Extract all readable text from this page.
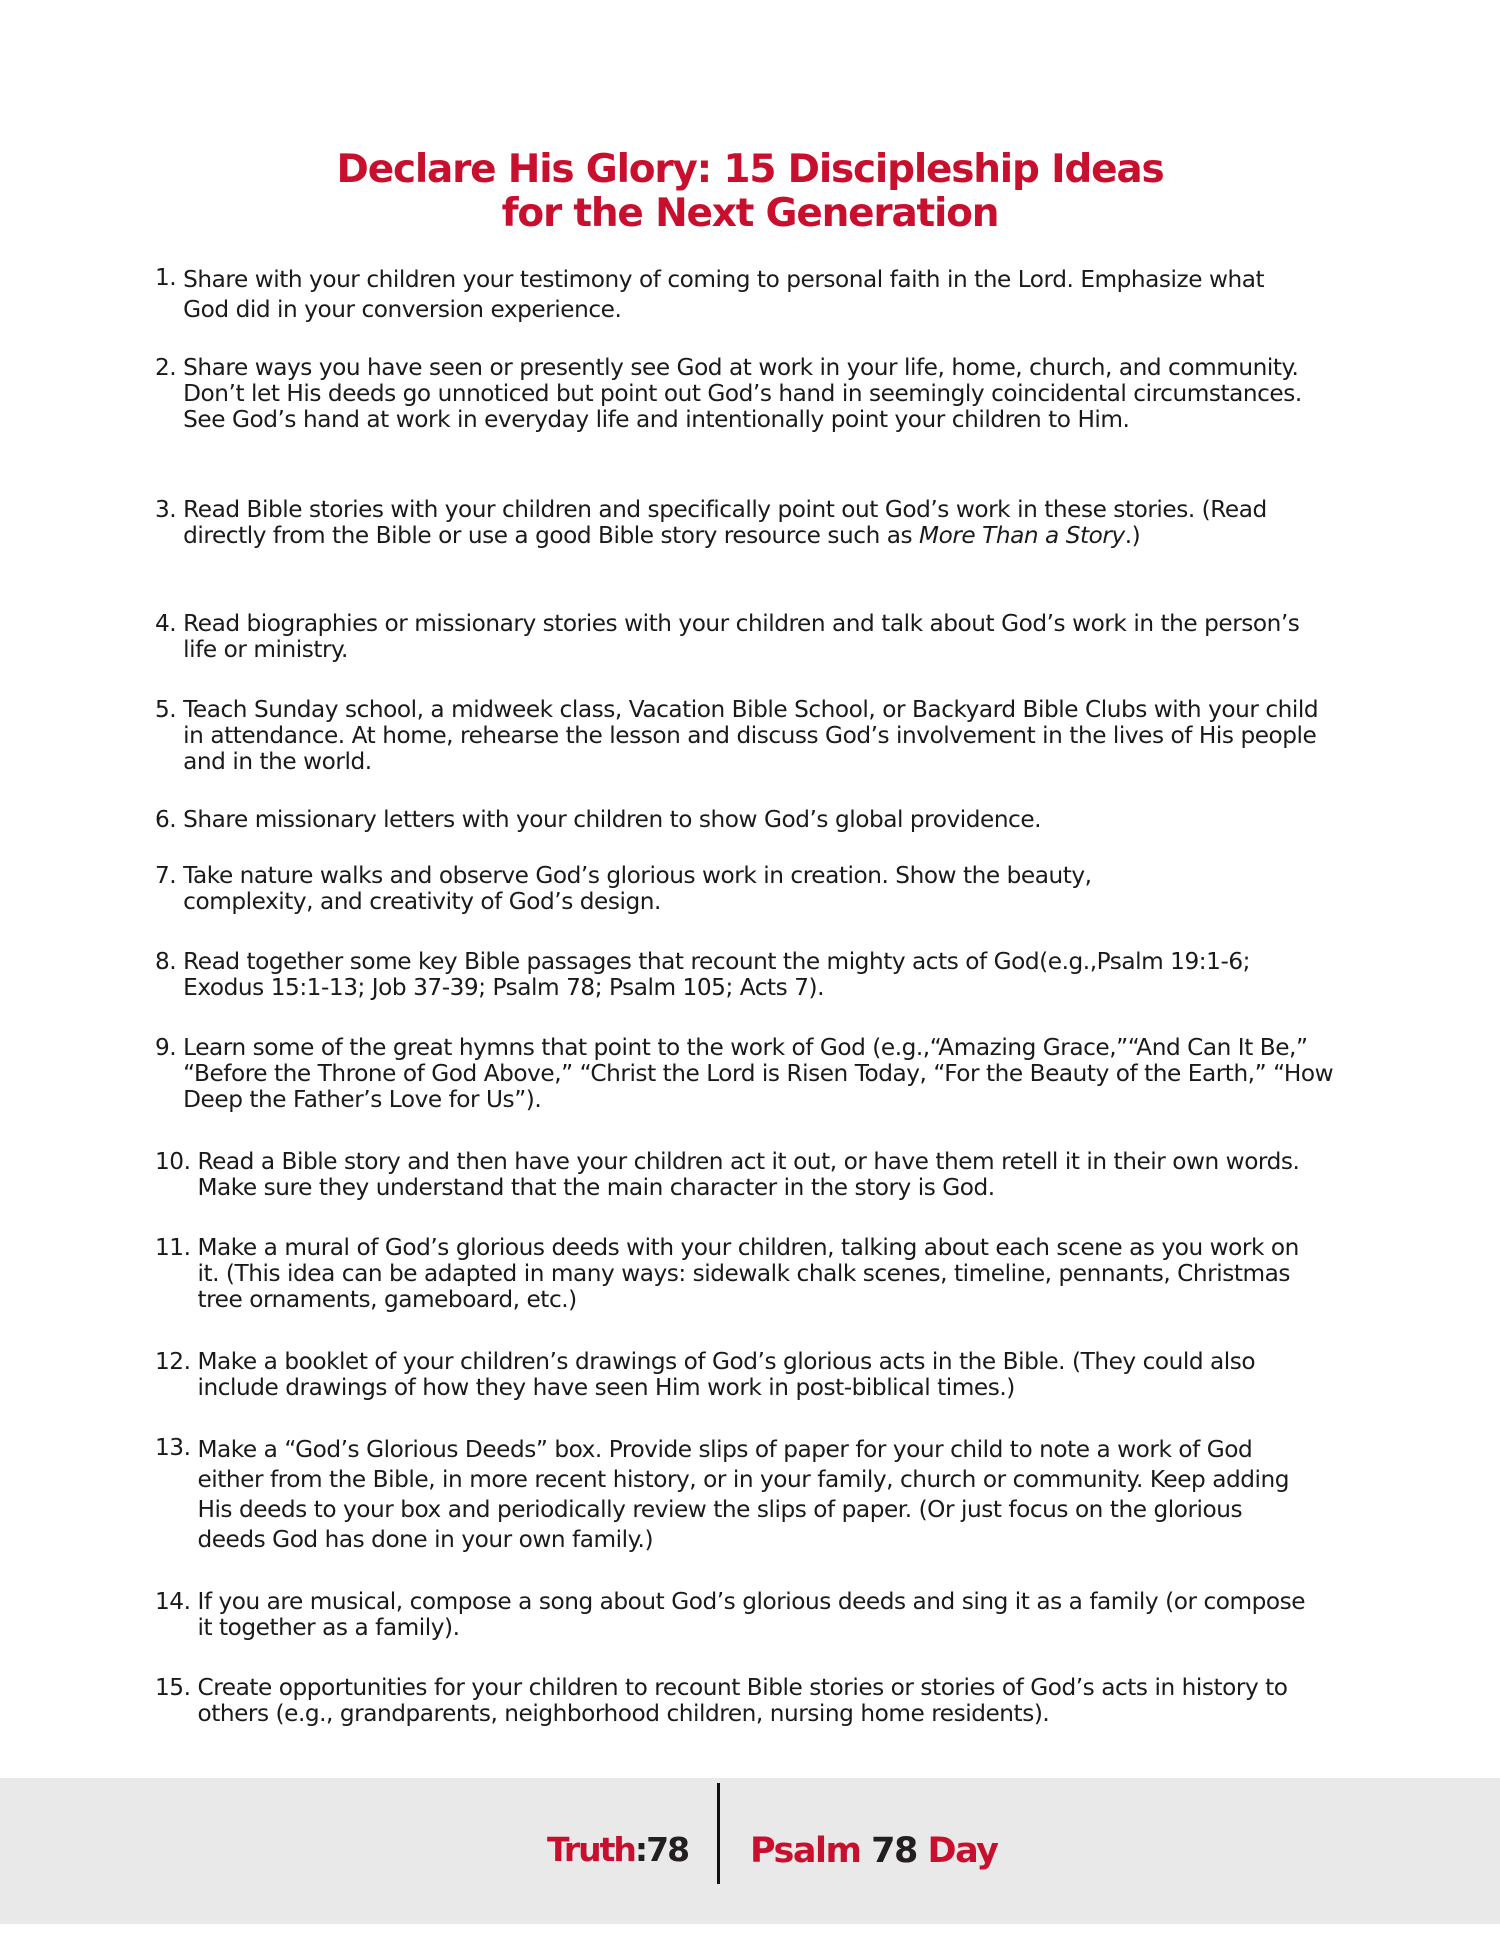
Declare His Glory: 15 Discipleship Ideas
for the Next Generation
1.
Share with your children your testimony of coming to personal faith in the Lord. Emphasize what God did in your conversion experience.
2.
Share ways you have seen or presently see God at work in your life, home, church, and community. Don’t let His deeds go unnoticed but point out God’s hand in seemingly coincidental circumstances. See God’s hand at work in everyday life and intentionally point your children to Him.
3.
Read Bible stories with your children and specifically point out God’s work in these stories. (Read directly from the Bible or use a good Bible story resource such as More Than a Story.)
4.
Read biographies or missionary stories with your children and talk about God’s work in the person’s life or ministry.
5.
Teach Sunday school, a midweek class, Vacation Bible School, or Backyard Bible Clubs with your child in attendance. At home, rehearse the lesson and discuss God’s involvement in the lives of His people and in the world.
6.
Share missionary letters with your children to show God’s global providence.
7.
Take nature walks and observe God’s glorious work in creation. Show the beauty, complexity, and creativity of God’s design.
8.
Read together some key Bible passages that recount the mighty acts of God(e.g.,Psalm 19:1-6; Exodus 15:1-13; Job 37-39; Psalm 78; Psalm 105; Acts 7).
9.
Learn some of the great hymns that point to the work of God (e.g.,“Amazing Grace,”“And Can It Be,” “Before the Throne of God Above,” “Christ the Lord is Risen Today, “For the Beauty of the Earth,” “How Deep the Father’s Love for Us”).
10.
Read a Bible story and then have your children act it out, or have them retell it in their own words. Make sure they understand that the main character in the story is God.
11.
Make a mural of God’s glorious deeds with your children, talking about each scene as you work on it. (This idea can be adapted in many ways: sidewalk chalk scenes, timeline, pennants, Christmas tree ornaments, gameboard, etc.)
12.
Make a booklet of your children’s drawings of God’s glorious acts in the Bible. (They could also include drawings of how they have seen Him work in post-biblical times.)
13.
Make a “God’s Glorious Deeds” box. Provide slips of paper for your child to note a work of God either from the Bible, in more recent history, or in your family, church or community. Keep adding His deeds to your box and periodically review the slips of paper. (Or just focus on the glorious deeds God has done in your own family.)
14.
If you are musical, compose a song about God’s glorious deeds and sing it as a family (or compose it together as a family).
15.
Create opportunities for your children to recount Bible stories or stories of God’s acts in history to others (e.g., grandparents, neighborhood children, nursing home residents).
Truth:78 Psalm 78 Day
